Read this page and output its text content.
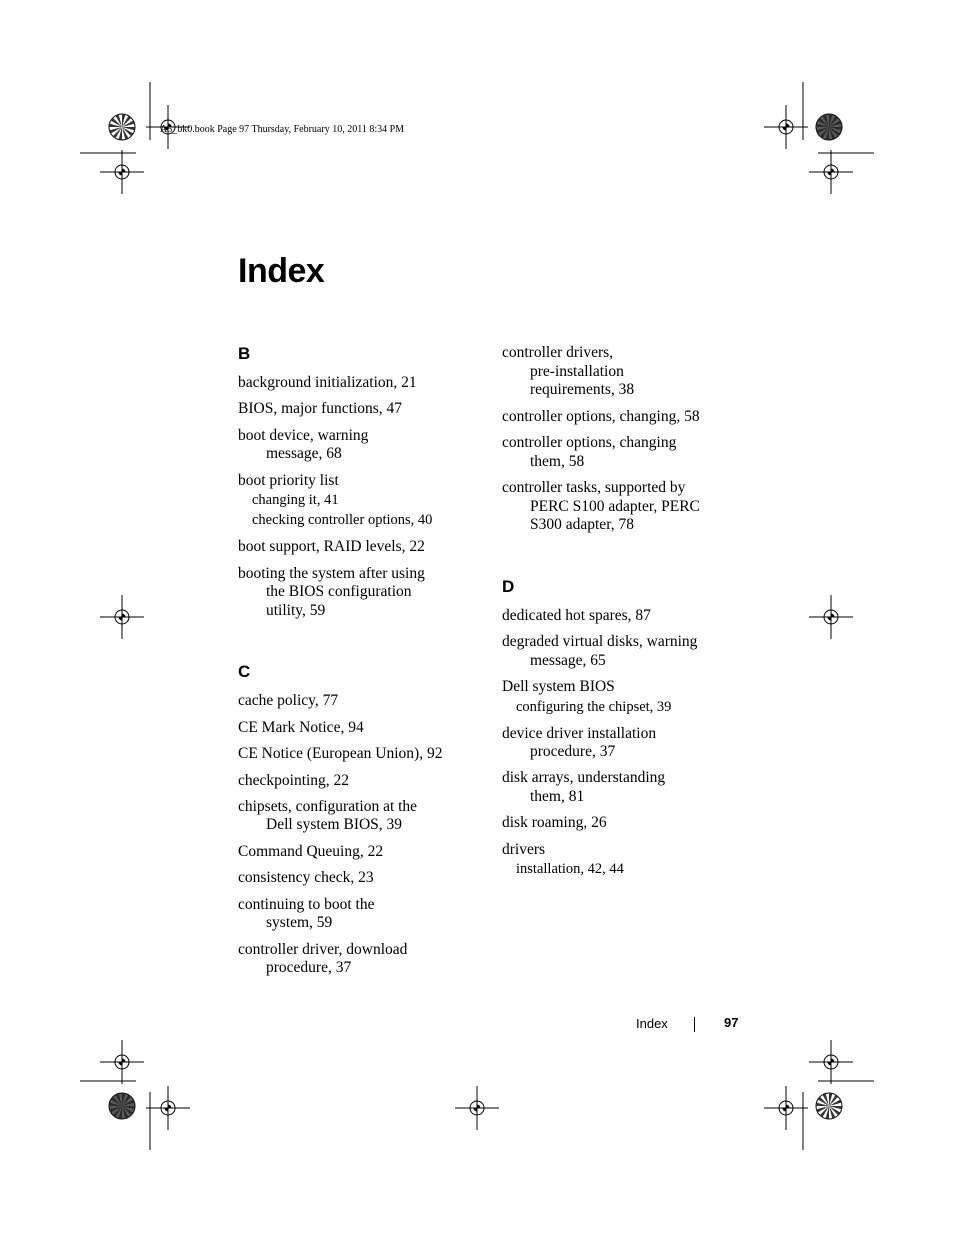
A5_bk0.book Page 97 Thursday, February 10, 2011 8:34 PM
Index
B
background initialization, 21
BIOS, major functions, 47
boot device, warning
message, 68
boot priority list
changing it, 41
checking controller options, 40
boot support, RAID levels, 22
booting the system after using
the BIOS configuration
utility, 59
C
cache policy, 77
CE Mark Notice, 94
CE Notice (European Union), 92
checkpointing, 22
chipsets, configuration at the
Dell system BIOS, 39
Command Queuing, 22
consistency check, 23
continuing to boot the
system, 59
controller driver, download
procedure, 37
controller drivers,
pre-installation
requirements, 38
controller options, changing, 58
controller options, changing
them, 58
controller tasks, supported by
PERC S100 adapter, PERC
S300 adapter, 78
D
dedicated hot spares, 87
degraded virtual disks, warning
message, 65
Dell system BIOS
configuring the chipset, 39
device driver installation
procedure, 37
disk arrays, understanding
them, 81
disk roaming, 26
drivers
installation, 42, 44
Index	97
